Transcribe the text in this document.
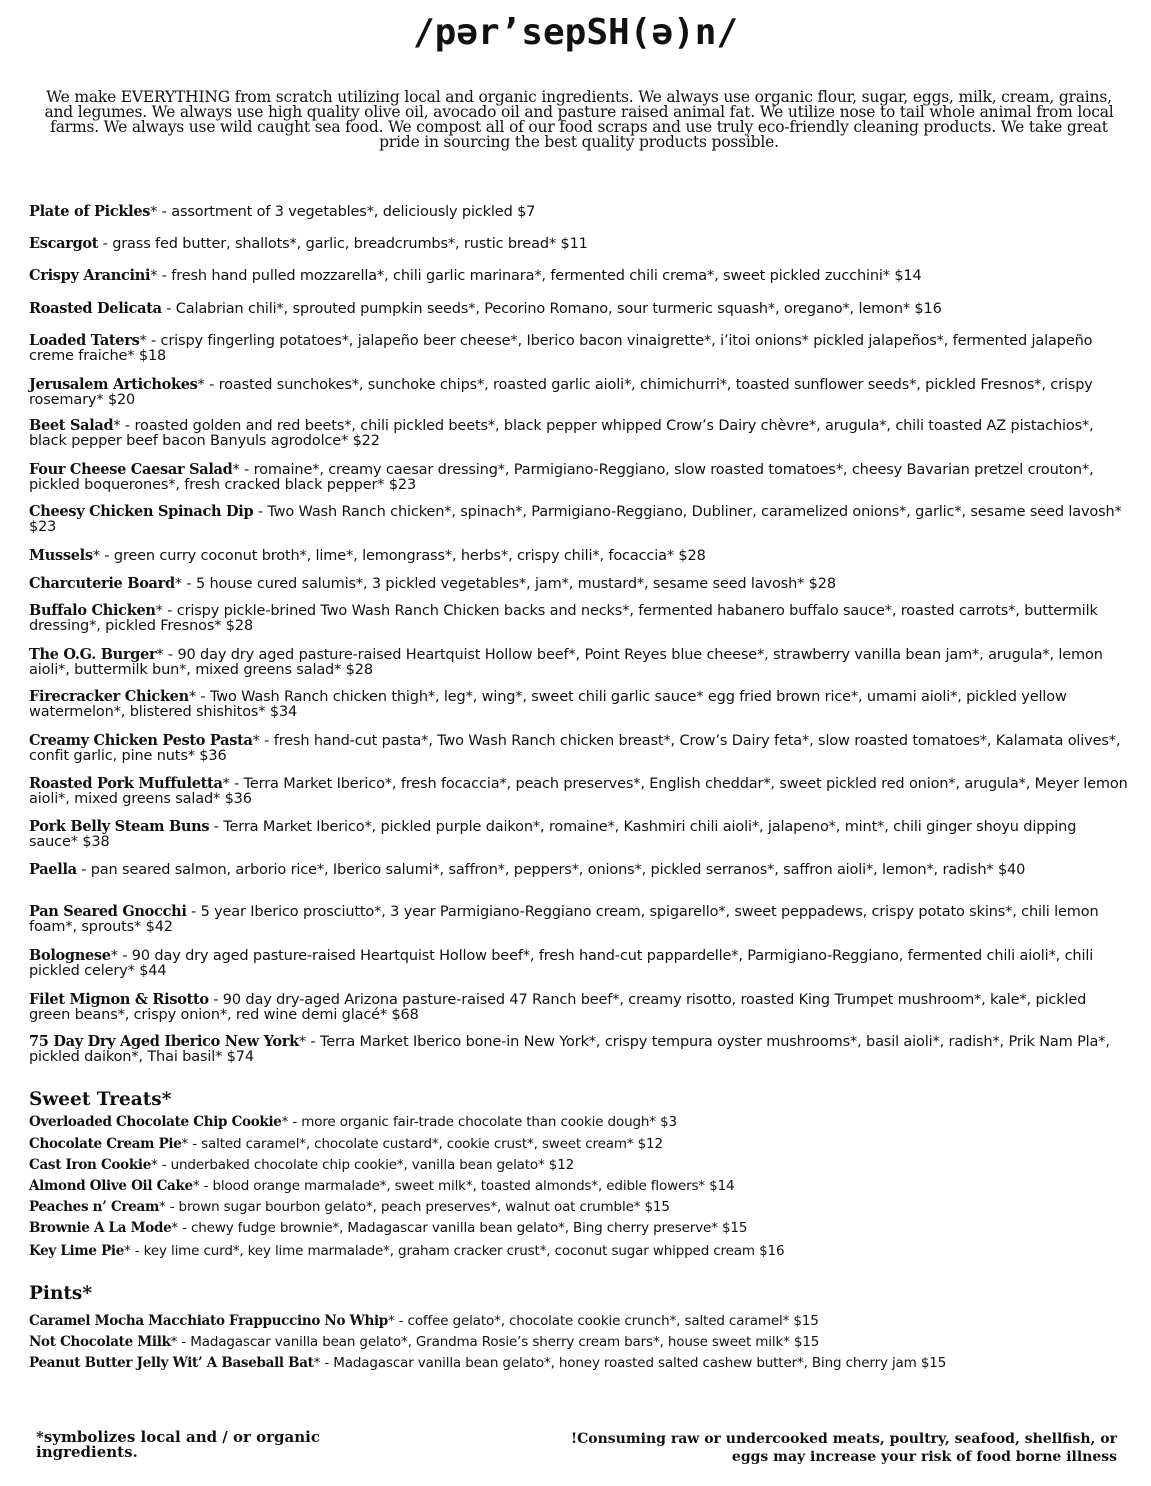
/pər’sepSH(ə)n/
We make EVERYTHING from scratch utilizing local and organic ingredients. We always use organic flour, sugar, eggs, milk, cream, grains, and legumes. We always use high quality olive oil, avocado oil and pasture raised animal fat. We utilize nose to tail whole animal from local farms. We always use wild caught sea food. We compost all of our food scraps and use truly eco-friendly cleaning products. We take great pride in sourcing the best quality products possible.
Plate of Pickles* - assortment of 3 vegetables*, deliciously pickled $7
Escargot - grass fed butter, shallots*, garlic, breadcrumbs*, rustic bread* $11
Crispy Arancini* - fresh hand pulled mozzarella*, chili garlic marinara*, fermented chili crema*, sweet pickled zucchini* $14
Roasted Delicata - Calabrian chili*, sprouted pumpkin seeds*, Pecorino Romano, sour turmeric squash*, oregano*, lemon* $16
Loaded Taters* - crispy fingerling potatoes*, jalapeño beer cheese*, Iberico bacon vinaigrette*, i’itoi onions* pickled jalapeños*, fermented jalapeño creme fraiche* $18
Jerusalem Artichokes* - roasted sunchokes*, sunchoke chips*, roasted garlic aioli*, chimichurri*, toasted sunflower seeds*, pickled Fresnos*, crispy rosemary* $20
Beet Salad* - roasted golden and red beets*, chili pickled beets*, black pepper whipped Crow’s Dairy chèvre*, arugula*, chili toasted AZ pistachios*, black pepper beef bacon Banyuls agrodolce* $22
Four Cheese Caesar Salad* - romaine*, creamy caesar dressing*, Parmigiano-Reggiano, slow roasted tomatoes*, cheesy Bavarian pretzel crouton*, pickled boquerones*, fresh cracked black pepper* $23
Cheesy Chicken Spinach Dip - Two Wash Ranch chicken*, spinach*, Parmigiano-Reggiano, Dubliner, caramelized onions*, garlic*, sesame seed lavosh* $23
Mussels* - green curry coconut broth*, lime*, lemongrass*, herbs*, crispy chili*, focaccia* $28
Charcuterie Board* - 5 house cured salumis*, 3 pickled vegetables*, jam*, mustard*, sesame seed lavosh* $28
Buffalo Chicken* - crispy pickle-brined Two Wash Ranch Chicken backs and necks*, fermented habanero buffalo sauce*, roasted carrots*, buttermilk dressing*, pickled Fresnos* $28
The O.G. Burger* - 90 day dry aged pasture-raised Heartquist Hollow beef*, Point Reyes blue cheese*, strawberry vanilla bean jam*, arugula*, lemon aioli*, buttermilk bun*, mixed greens salad* $28
Firecracker Chicken* - Two Wash Ranch chicken thigh*, leg*, wing*, sweet chili garlic sauce* egg fried brown rice*, umami aioli*, pickled yellow watermelon*, blistered shishitos* $34
Creamy Chicken Pesto Pasta* - fresh hand-cut pasta*, Two Wash Ranch chicken breast*, Crow’s Dairy feta*, slow roasted tomatoes*, Kalamata olives*, confit garlic, pine nuts* $36
Roasted Pork Muffuletta* - Terra Market Iberico*, fresh focaccia*, peach preserves*, English cheddar*, sweet pickled red onion*, arugula*, Meyer lemon aioli*, mixed greens salad* $36
Pork Belly Steam Buns - Terra Market Iberico*, pickled purple daikon*, romaine*, Kashmiri chili aioli*, jalapeno*, mint*, chili ginger shoyu dipping sauce* $38
Paella - pan seared salmon, arborio rice*, Iberico salumi*, saffron*, peppers*, onions*, pickled serranos*, saffron aioli*, lemon*, radish* $40
Pan Seared Gnocchi - 5 year Iberico prosciutto*, 3 year Parmigiano-Reggiano cream, spigarello*, sweet peppadews, crispy potato skins*, chili lemon foam*, sprouts* $42
Bolognese* - 90 day dry aged pasture-raised Heartquist Hollow beef*, fresh hand-cut pappardelle*, Parmigiano-Reggiano, fermented chili aioli*, chili pickled celery* $44
Filet Mignon & Risotto - 90 day dry-aged Arizona pasture-raised 47 Ranch beef*, creamy risotto, roasted King Trumpet mushroom*, kale*, pickled green beans*, crispy onion*, red wine demi glacé* $68
75 Day Dry Aged Iberico New York* - Terra Market Iberico bone-in New York*, crispy tempura oyster mushrooms*, basil aioli*, radish*, Prik Nam Pla*, pickled daikon*, Thai basil* $74
Sweet Treats*
Overloaded Chocolate Chip Cookie* - more organic fair-trade chocolate than cookie dough* $3
Chocolate Cream Pie* - salted caramel*, chocolate custard*, cookie crust*, sweet cream* $12
Cast Iron Cookie* - underbaked chocolate chip cookie*, vanilla bean gelato* $12
Almond Olive Oil Cake* - blood orange marmalade*, sweet milk*, toasted almonds*, edible flowers* $14
Peaches n’ Cream* - brown sugar bourbon gelato*, peach preserves*, walnut oat crumble* $15
Brownie A La Mode* - chewy fudge brownie*, Madagascar vanilla bean gelato*, Bing cherry preserve* $15
Key Lime Pie* - key lime curd*, key lime marmalade*, graham cracker crust*, coconut sugar whipped cream $16
Pints*
Caramel Mocha Macchiato Frappuccino No Whip* - coffee gelato*, chocolate cookie crunch*, salted caramel* $15
Not Chocolate Milk* - Madagascar vanilla bean gelato*, Grandma Rosie’s sherry cream bars*, house sweet milk* $15
Peanut Butter Jelly Wit’ A Baseball Bat* - Madagascar vanilla bean gelato*, honey roasted salted cashew butter*, Bing cherry jam $15
*symbolizes local and / or organic ingredients.
!Consuming raw or undercooked meats, poultry, seafood, shellfish, or eggs may increase your risk of food borne illness
